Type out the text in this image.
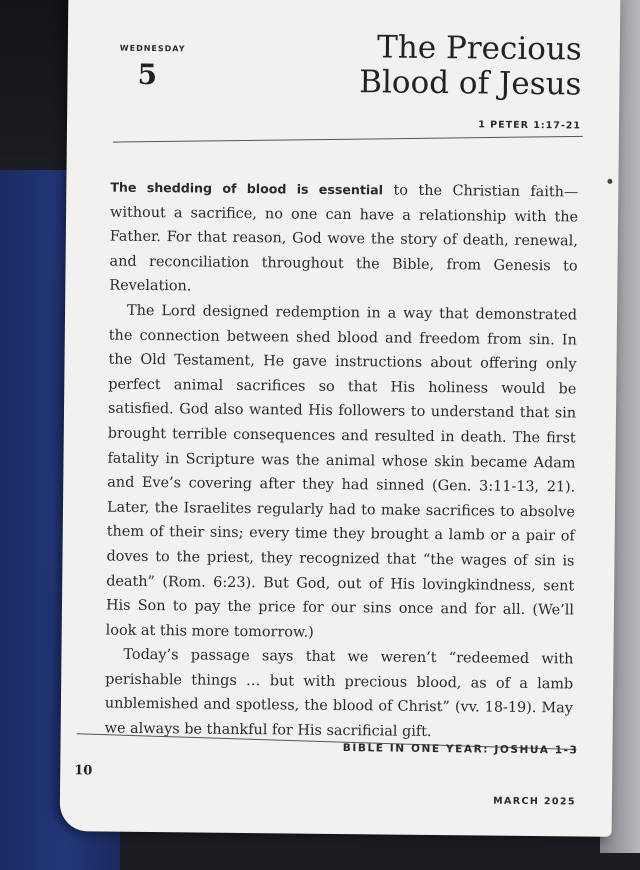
WEDNESDAY
5
The Precious
Blood of Jesus
1 PETER 1:17-21

The shedding of blood is essential to the Christian faith—without a sacrifice, no one can have a relationship with the Father. For that reason, God wove the story of death, renewal, and reconciliation throughout the Bible, from Genesis to Revelation.

The Lord designed redemption in a way that demonstrated the connection between shed blood and freedom from sin. In the Old Testament, He gave instructions about offering only perfect animal sacrifices so that His holiness would be satisfied. God also wanted His followers to understand that sin brought terrible consequences and resulted in death. The first fatality in Scripture was the animal whose skin became Adam and Eve’s covering after they had sinned (Gen. 3:11-13, 21). Later, the Israelites regularly had to make sacrifices to absolve them of their sins; every time they brought a lamb or a pair of doves to the priest, they recognized that “the wages of sin is death” (Rom. 6:23). But God, out of His lovingkindness, sent His Son to pay the price for our sins once and for all. (We’ll look at this more tomorrow.)

Today’s passage says that we weren’t “redeemed with perishable things … but with precious blood, as of a lamb unblemished and spotless, the blood of Christ” (vv. 18-19). May we always be thankful for His sacrificial gift.

BIBLE IN ONE YEAR: JOSHUA 1-3
10
MARCH 2025
